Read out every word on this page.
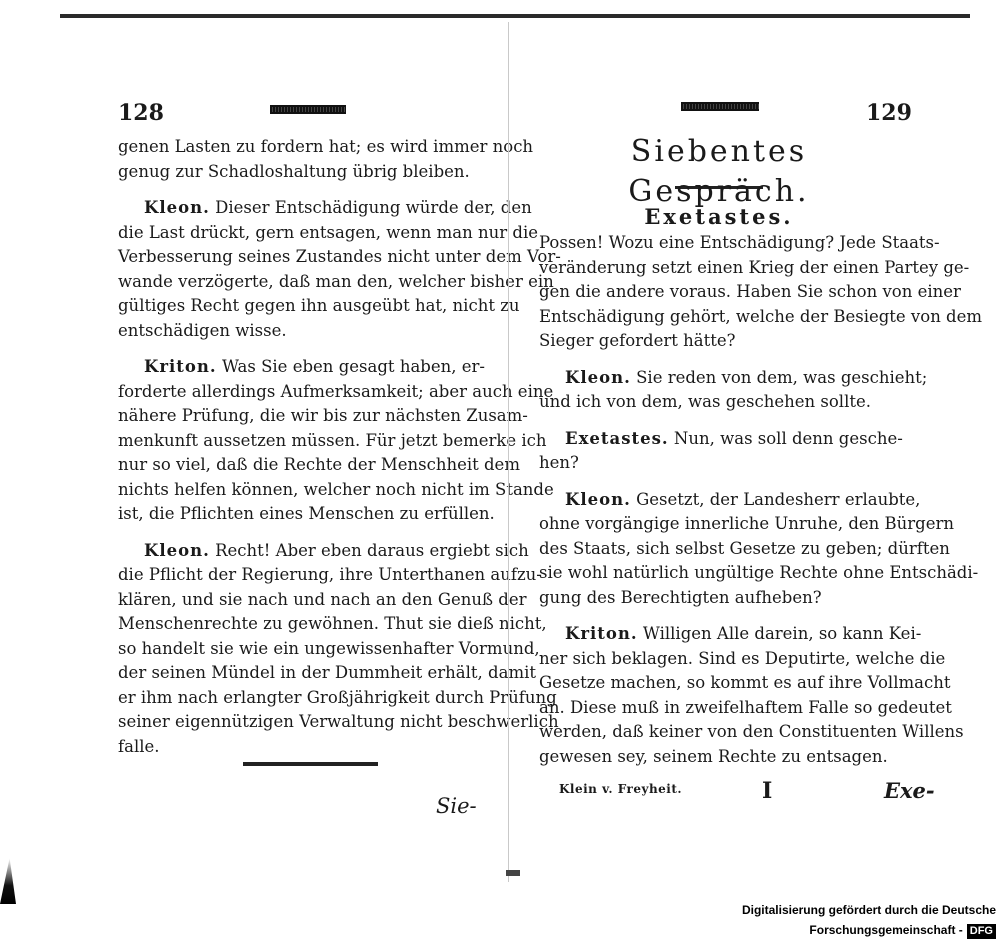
128
genen Lasten zu fordern hat; es wird immer noch
genug zur Schadloshaltung übrig bleiben.
Kleon. Dieser Entschädigung würde der, den
die Last drückt, gern entsagen, wenn man nur die
Verbesserung seines Zustandes nicht unter dem Vor-
wande verzögerte, daß man den, welcher bisher ein
gültiges Recht gegen ihn ausgeübt hat, nicht zu
entschädigen wisse.
Kriton. Was Sie eben gesagt haben, er-
forderte allerdings Aufmerksamkeit; aber auch eine
nähere Prüfung, die wir bis zur nächsten Zusam-
menkunft aussetzen müssen. Für jetzt bemerke ich
nur so viel, daß die Rechte der Menschheit dem
nichts helfen können, welcher noch nicht im Stande
ist, die Pflichten eines Menschen zu erfüllen.
Kleon. Recht! Aber eben daraus ergiebt sich
die Pflicht der Regierung, ihre Unterthanen aufzu-
klären, und sie nach und nach an den Genuß der
Menschenrechte zu gewöhnen. Thut sie dieß nicht,
so handelt sie wie ein ungewissenhafter Vormund,
der seinen Mündel in der Dummheit erhält, damit
er ihm nach erlangter Großjährigkeit durch Prüfung
seiner eigennützigen Verwaltung nicht beschwerlich
falle.
Sie-
129
Siebentes Gespräch.
Exetastes.
Possen! Wozu eine Entschädigung? Jede Staats-
veränderung setzt einen Krieg der einen Partey ge-
gen die andere voraus. Haben Sie schon von einer
Entschädigung gehört, welche der Besiegte von dem
Sieger gefordert hätte?
Kleon. Sie reden von dem, was geschieht;
und ich von dem, was geschehen sollte.
Exetastes. Nun, was soll denn gesche-
hen?
Kleon. Gesetzt, der Landesherr erlaubte,
ohne vorgängige innerliche Unruhe, den Bürgern
des Staats, sich selbst Gesetze zu geben; dürften
sie wohl natürlich ungültige Rechte ohne Entschädi-
gung des Berechtigten aufheben?
Kriton. Willigen Alle darein, so kann Kei-
ner sich beklagen. Sind es Deputirte, welche die
Gesetze machen, so kommt es auf ihre Vollmacht
an. Diese muß in zweifelhaftem Falle so gedeutet
werden, daß keiner von den Constituenten Willens
gewesen sey, seinem Rechte zu entsagen.
Klein v. Freyheit.	I	Exe-
Digitalisierung gefördert durch die Deutsche Forschungsgemeinschaft - DFG
